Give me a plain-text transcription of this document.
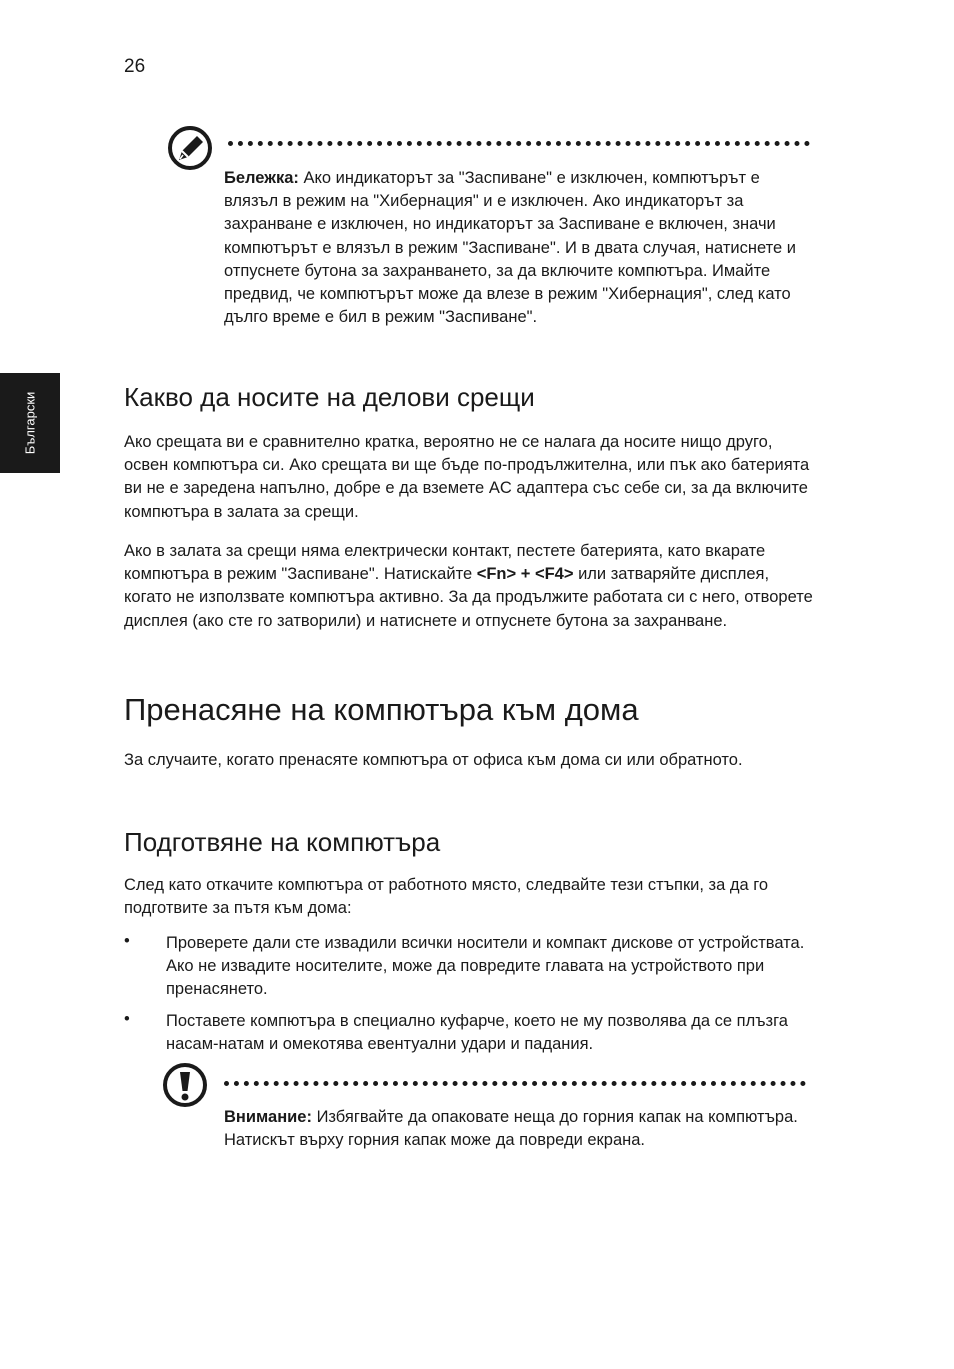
26
Български
Бележка: Ако индикаторът за "Заспиване" е изключен, компютърът е влязъл в режим на "Хибернация" и е изключен. Ако индикаторът за захранване е изключен, но индикаторът за Заспиване е включен, значи компютърът е влязъл в режим "Заспиване". И в двата случая, натиснете и отпуснете бутона за захранването, за да включите компютъра. Имайте предвид, че компютърът може да влезе в режим "Хибернация", след като дълго време е бил в режим "Заспиване".
Какво да носите на делови срещи

Ако срещата ви е сравнително кратка, вероятно не се налага да носите нищо друго, освен компютъра си. Ако срещата ви ще бъде по-продължителна, или пък ако батерията ви не е заредена напълно, добре е да вземете AC адаптера със себе си, за да включите компютъра в залата за срещи.

Ако в залата за срещи няма електрически контакт, пестете батерията, като вкарате компютъра в режим "Заспиване". Натискайте <Fn> + <F4> или затваряйте дисплея, когато не използвате компютъра активно. За да продължите работата си с него, отворете дисплея (ако сте го затворили) и натиснете и отпуснете бутона за захранване.

Пренасяне на компютъра към дома

За случаите, когато пренасяте компютъра от офиса към дома си или обратното.

Подготвяне на компютъра

След като откачите компютъра от работното място, следвайте тези стъпки, за да го подготвите за пътя към дома:

• Проверете дали сте извадили всички носители и компакт дискове от устройствата. Ако не извадите носителите, може да повредите главата на устройството при пренасянето.
• Поставете компютъра в специално куфарче, което не му позволява да се плъзга насам-натам и омекотява евентуални удари и падания.
Внимание: Избягвайте да опаковате неща до горния капак на компютъра. Натискът върху горния капак може да повреди екрана.
